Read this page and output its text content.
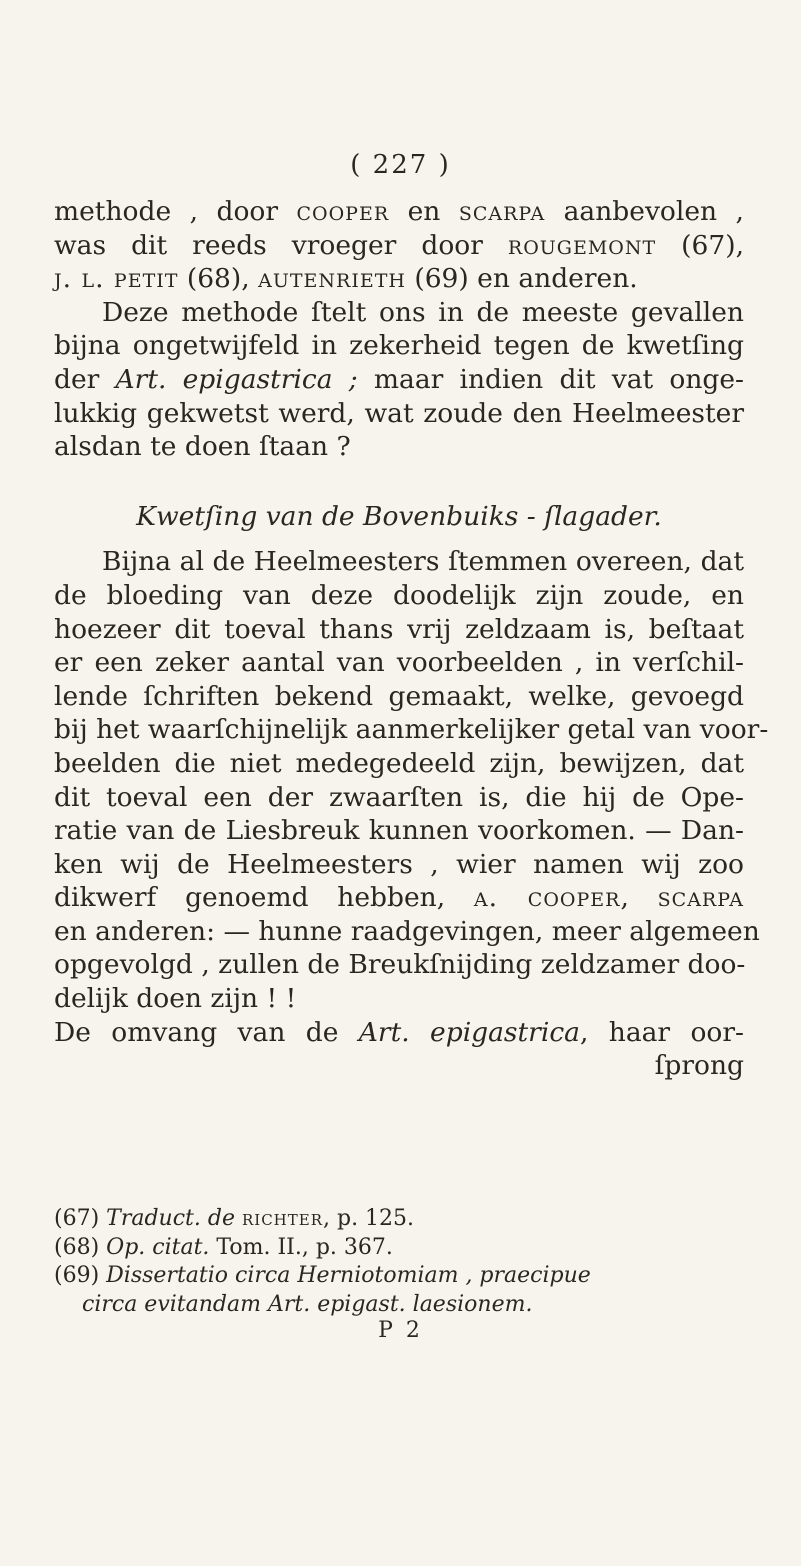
( 227 )
methode , door cooper en scarpa aanbevolen ,
was dit reeds vroeger door rougemont (67),
j. l. petit (68), autenrieth (69) en anderen.
Deze methode ſtelt ons in de meeste gevallen
bijna ongetwijfeld in zekerheid tegen de kwetſing
der Art. epigastrica ; maar indien dit vat onge-
lukkig gekwetst werd, wat zoude den Heelmeester
alsdan te doen ſtaan ?
Kwetſing van de Bovenbuiks - ſlagader.
Bijna al de Heelmeesters ſtemmen overeen, dat
de bloeding van deze doodelijk zijn zoude, en
hoezeer dit toeval thans vrij zeldzaam is, beſtaat
er een zeker aantal van voorbeelden , in verſchil-
lende ſchriften bekend gemaakt, welke, gevoegd
bij het waarſchijnelijk aanmerkelijker getal van voor-
beelden die niet medegedeeld zijn, bewijzen, dat
dit toeval een der zwaarſten is, die hij de Ope-
ratie van de Liesbreuk kunnen voorkomen. — Dan-
ken wij de Heelmeesters , wier namen wij zoo
dikwerf genoemd hebben, a. cooper, scarpa
en anderen: — hunne raadgevingen, meer algemeen
opgevolgd , zullen de Breukſnijding zeldzamer doo-
delijk doen zijn ! !
De omvang van de Art. epigastrica, haar oor-
ſprong
(67) Traduct. de richter, p. 125.
(68) Op. citat. Tom. II., p. 367.
(69) Dissertatio circa Herniotomiam , praecipue
circa evitandam Art. epigast. laesionem.
P 2
